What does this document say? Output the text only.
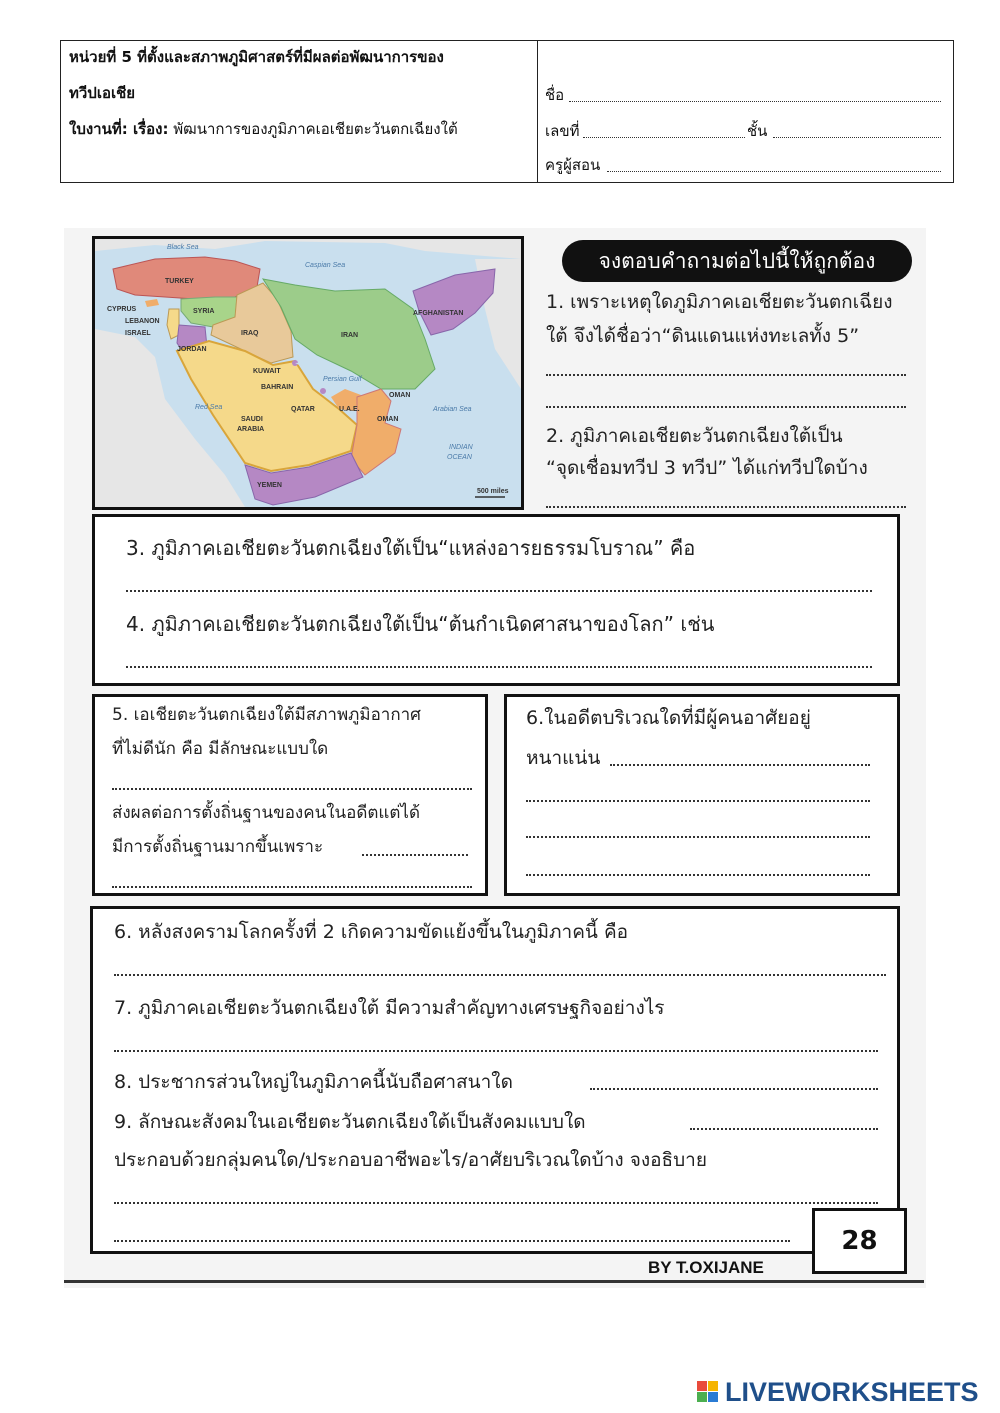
หน่วยที่ 5 ที่ตั้งและสภาพภูมิศาสตร์ที่มีผลต่อพัฒนาการของ
ทวีปเอเชีย
ใบงานที่: เรื่อง: พัฒนาการของภูมิภาคเอเชียตะวันตกเฉียงใต้
ชื่อ
เลขที่	ชั้น
ครูผู้สอน
TURKEY
CYPRUS
LEBANON
ISRAEL
SYRIA
IRAQ	IRAN
AFGHANISTAN
JORDAN
KUWAIT
BAHRAIN
QATAR	U.A.E.
OMAN
OMAN
SAUDI
ARABIA
YEMEN
Black Sea
Caspian Sea
Persian Gulf
Arabian Sea
INDIAN
OCEAN
Red Sea
500 miles
จงตอบคำถามต่อไปนี้ให้ถูกต้อง
1. เพราะเหตุใดภูมิภาคเอเชียตะวันตกเฉียง
ใต้ จึงได้ชื่อว่า“ดินแดนแห่งทะเลทั้ง 5”
2. ภูมิภาคเอเชียตะวันตกเฉียงใต้เป็น
“จุดเชื่อมทวีป 3 ทวีป” ได้แก่ทวีปใดบ้าง
3. ภูมิภาคเอเชียตะวันตกเฉียงใต้เป็น“แหล่งอารยธรรมโบราณ” คือ
4. ภูมิภาคเอเชียตะวันตกเฉียงใต้เป็น“ต้นกำเนิดศาสนาของโลก” เช่น
5. เอเชียตะวันตกเฉียงใต้มีสภาพภูมิอากาศ
ที่ไม่ดีนัก คือ มีลักษณะแบบใด
ส่งผลต่อการตั้งถิ่นฐานของคนในอดีตแต่ได้
มีการตั้งถิ่นฐานมากขึ้นเพราะ
6.ในอดีตบริเวณใดที่มีผู้คนอาศัยอยู่
หนาแน่น
6. หลังสงครามโลกครั้งที่ 2 เกิดความขัดแย้งขึ้นในภูมิภาคนี้ คือ
7. ภูมิภาคเอเชียตะวันตกเฉียงใต้ มีความสำคัญทางเศรษฐกิจอย่างไร
8. ประชากรส่วนใหญ่ในภูมิภาคนี้นับถือศาสนาใด
9. ลักษณะสังคมในเอเชียตะวันตกเฉียงใต้เป็นสังคมแบบใด
ประกอบด้วยกลุ่มคนใด/ประกอบอาชีพอะไร/อาศัยบริเวณใดบ้าง จงอธิบาย
28
BY T.OXIJANE
LIVEWORKSHEETS
